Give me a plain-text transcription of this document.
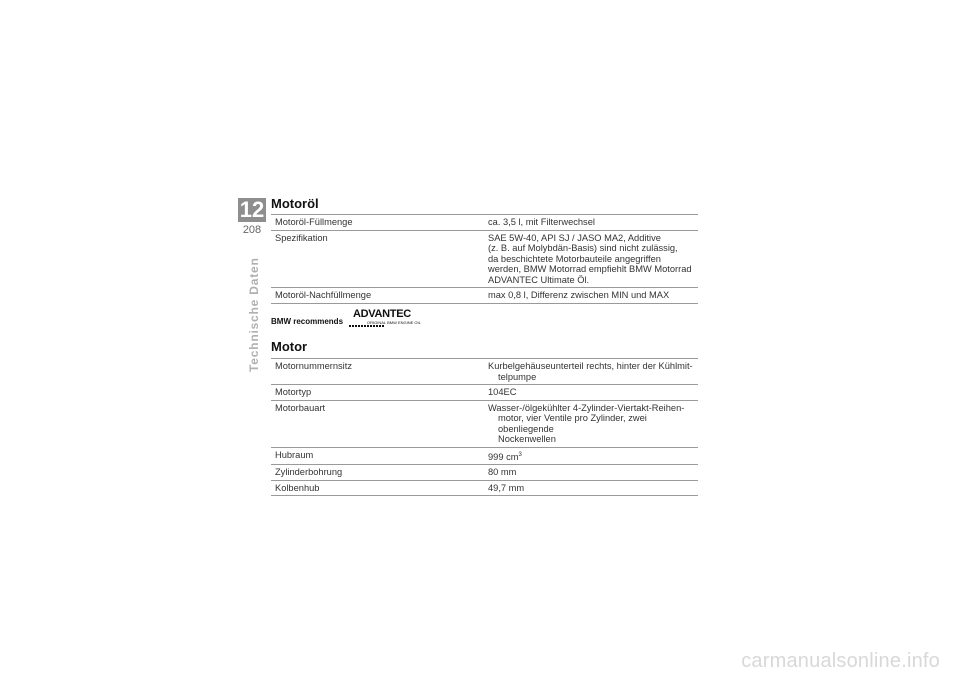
12
208
Technische Daten
Motoröl
Motoröl-Füllmenge	ca. 3,5 l, mit Filterwechsel

Spezifikation	SAE 5W-40, API SJ / JASO MA2, Additive
(z. B. auf Molybdän-Basis) sind nicht zulässig,
da beschichtete Motorbauteile angegriffen
werden, BMW Motorrad empfiehlt BMW Motorrad
ADVANTEC Ultimate Öl.

Motoröl-Nachfüllmenge	max 0,8 l, Differenz zwischen MIN und MAX
BMW recommends
ADVANTEC
ORIGINAL BMW ENGINE OIL
Motor
Motornummernsitz	Kurbelgehäuseunterteil rechts, hinter der Kühlmit-
telpumpe

Motortyp	104EC

Motorbauart	Wasser-/ölgekühlter 4-Zylinder-Viertakt-Reihen-
motor, vier Ventile pro Zylinder, zwei obenliegende
Nockenwellen

Hubraum	999 $cm^3$

Zylinderbohrung	80 mm

Kolbenhub	49,7 mm
carmanualsonline.info
